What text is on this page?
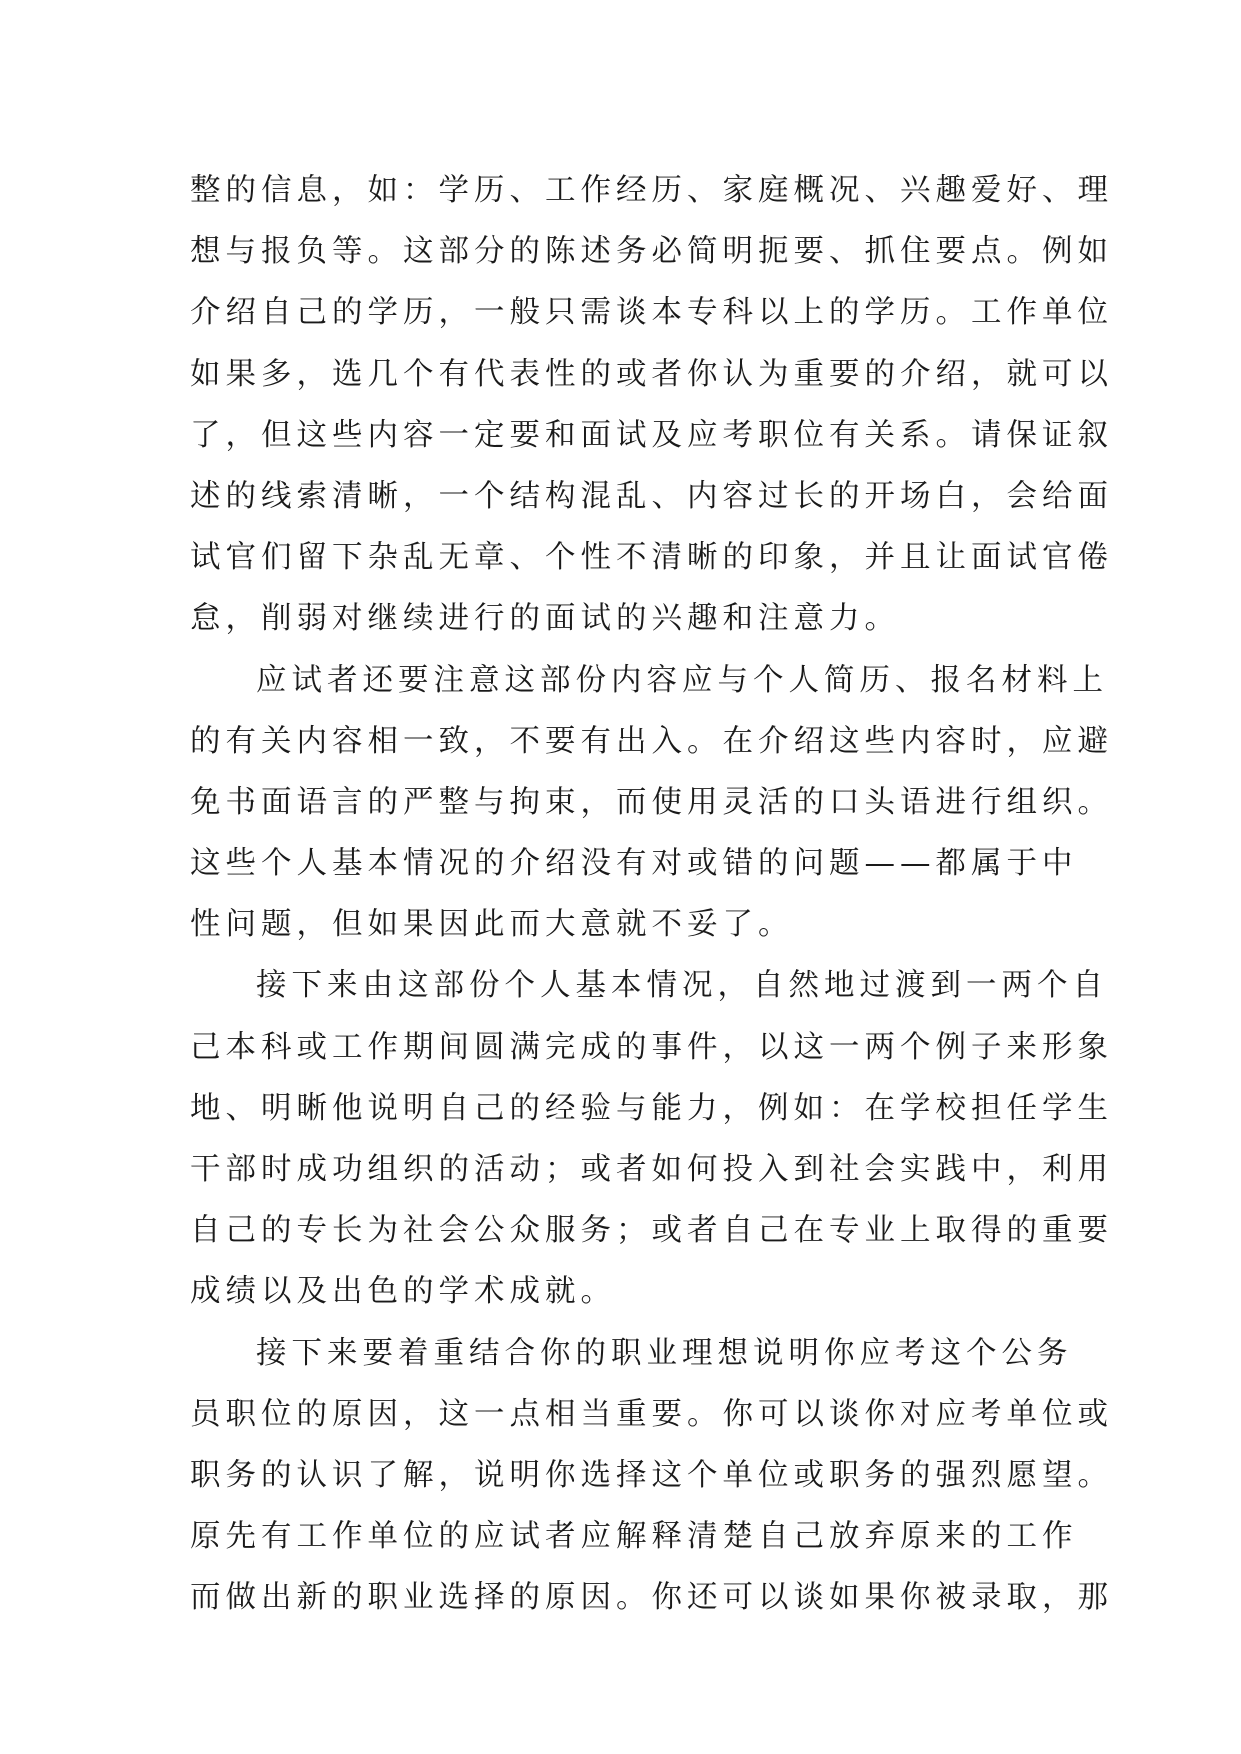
整的信息，如：学历、工作经历、家庭概况、兴趣爱好、理
想与报负等。这部分的陈述务必简明扼要、抓住要点。例如
介绍自己的学历，一般只需谈本专科以上的学历。工作单位
如果多，选几个有代表性的或者你认为重要的介绍，就可以
了，但这些内容一定要和面试及应考职位有关系。请保证叙
述的线索清晰，一个结构混乱、内容过长的开场白，会给面
试官们留下杂乱无章、个性不清晰的印象，并且让面试官倦
怠，削弱对继续进行的面试的兴趣和注意力。
应试者还要注意这部份内容应与个人简历、报名材料上
的有关内容相一致，不要有出入。在介绍这些内容时，应避
免书面语言的严整与拘束，而使用灵活的口头语进行组织。
这些个人基本情况的介绍没有对或错的问题——都属于中
性问题，但如果因此而大意就不妥了。
接下来由这部份个人基本情况，自然地过渡到一两个自
己本科或工作期间圆满完成的事件，以这一两个例子来形象
地、明晰他说明自己的经验与能力，例如：在学校担任学生
干部时成功组织的活动；或者如何投入到社会实践中，利用
自己的专长为社会公众服务；或者自己在专业上取得的重要
成绩以及出色的学术成就。
接下来要着重结合你的职业理想说明你应考这个公务
员职位的原因，这一点相当重要。你可以谈你对应考单位或
职务的认识了解，说明你选择这个单位或职务的强烈愿望。
原先有工作单位的应试者应解释清楚自己放弃原来的工作
而做出新的职业选择的原因。你还可以谈如果你被录取，那
